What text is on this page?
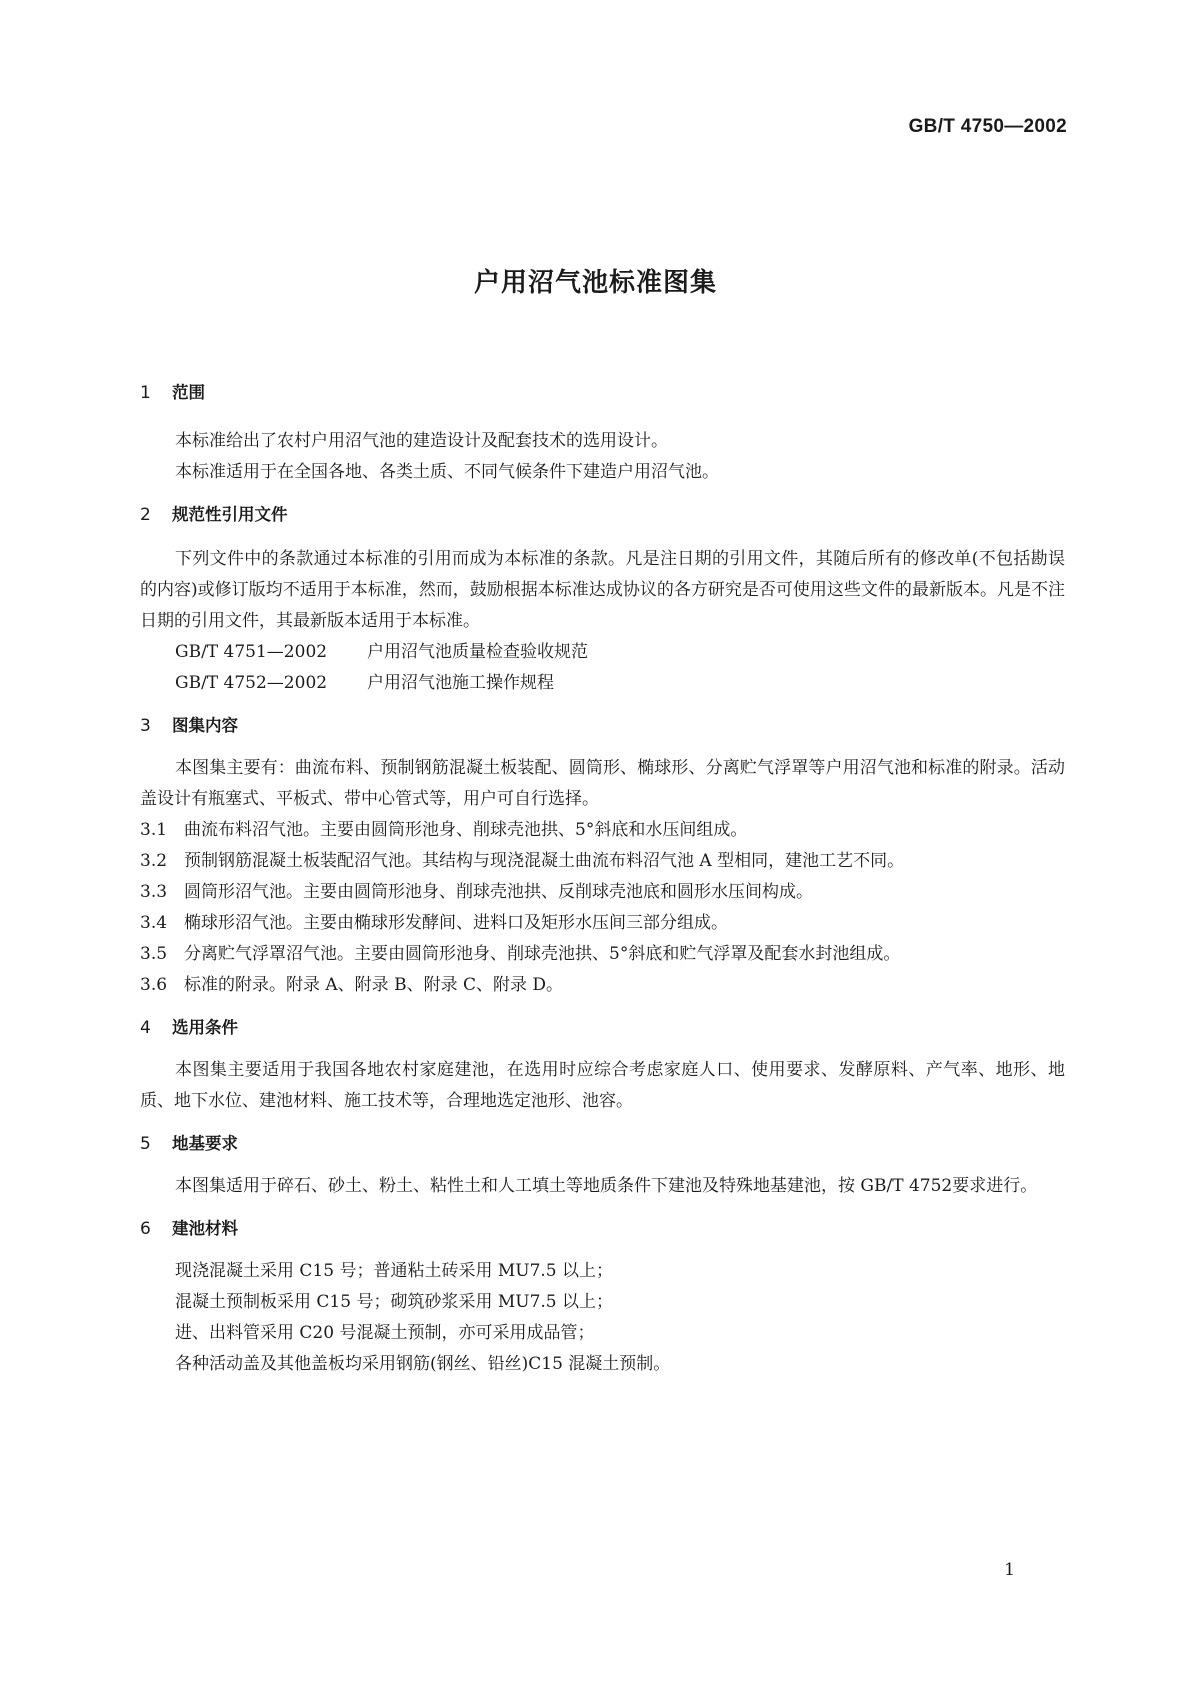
GB/T 4750—2002
户用沼气池标准图集
1 范围
本标准给出了农村户用沼气池的建造设计及配套技术的选用设计。
本标准适用于在全国各地、各类土质、不同气候条件下建造户用沼气池。
2 规范性引用文件

下列文件中的条款通过本标准的引用而成为本标准的条款。凡是注日期的引用文件，其随后所有的修改单(不包括勘误的内容)或修订版均不适用于本标准，然而，鼓励根据本标准达成协议的各方研究是否可使用这些文件的最新版本。凡是不注日期的引用文件，其最新版本适用于本标准。

GB/T 4751—2002 户用沼气池质量检查验收规范
GB/T 4752—2002 户用沼气池施工操作规程
3 图集内容

本图集主要有：曲流布料、预制钢筋混凝土板装配、圆筒形、椭球形、分离贮气浮罩等户用沼气池和标准的附录。活动盖设计有瓶塞式、平板式、带中心管式等，用户可自行选择。

3.1 曲流布料沼气池。主要由圆筒形池身、削球壳池拱、5°斜底和水压间组成。
3.2 预制钢筋混凝土板装配沼气池。其结构与现浇混凝土曲流布料沼气池 A 型相同，建池工艺不同。
3.3 圆筒形沼气池。主要由圆筒形池身、削球壳池拱、反削球壳池底和圆形水压间构成。
3.4 椭球形沼气池。主要由椭球形发酵间、进料口及矩形水压间三部分组成。
3.5 分离贮气浮罩沼气池。主要由圆筒形池身、削球壳池拱、5°斜底和贮气浮罩及配套水封池组成。
3.6 标准的附录。附录 A、附录 B、附录 C、附录 D。
4 选用条件

本图集主要适用于我国各地农村家庭建池，在选用时应综合考虑家庭人口、使用要求、发酵原料、产气率、地形、地质、地下水位、建池材料、施工技术等，合理地选定池形、池容。

5 地基要求

本图集适用于碎石、砂土、粉土、粘性土和人工填土等地质条件下建池及特殊地基建池，按 GB/T 4752要求进行。

6 建池材料
现浇混凝土采用 C15 号；普通粘土砖采用 MU7.5 以上；
混凝土预制板采用 C15 号；砌筑砂浆采用 MU7.5 以上；
进、出料管采用 C20 号混凝土预制，亦可采用成品管；
各种活动盖及其他盖板均采用钢筋(钢丝、铅丝)C15 混凝土预制。
1
